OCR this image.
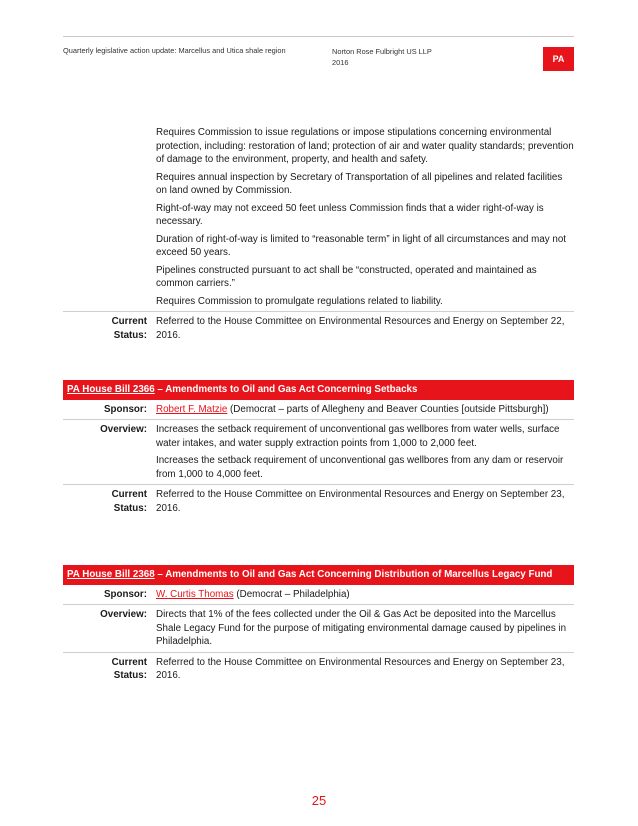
Quarterly legislative action update: Marcellus and Utica shale region	Norton Rose Fulbright US LLP
2016	PA

Requires Commission to issue regulations or impose stipulations concerning environmental protection, including: restoration of land; protection of air and water quality standards; prevention of damage to the environment, property, and health and safety.

Requires annual inspection by Secretary of Transportation of all pipelines and related facilities on land owned by Commission.

Right-of-way may not exceed 50 feet unless Commission finds that a wider right-of-way is necessary.

Duration of right-of-way is limited to “reasonable term” in light of all circumstances and may not exceed 50 years.

Pipelines constructed pursuant to act shall be “constructed, operated and maintained as common carriers.”

Requires Commission to promulgate regulations related to liability.

Current
Status:
Referred to the House Committee on Environmental Resources and Energy on September 22, 2016.
PA House Bill 2366 – Amendments to Oil and Gas Act Concerning Setbacks
Sponsor: Robert F. Matzie (Democrat – parts of Allegheny and Beaver Counties [outside Pittsburgh])
Overview: Increases the setback requirement of unconventional gas wellbores from water wells, surface water intakes, and water supply extraction points from 1,000 to 2,000 feet.

Increases the setback requirement of unconventional gas wellbores from any dam or reservoir from 1,000 to 4,000 feet.

Current
Status:
Referred to the House Committee on Environmental Resources and Energy on September 23, 2016.
PA House Bill 2368 – Amendments to Oil and Gas Act Concerning Distribution of Marcellus Legacy Fund
Sponsor: W. Curtis Thomas (Democrat – Philadelphia)
Overview: Directs that 1% of the fees collected under the Oil & Gas Act be deposited into the Marcellus Shale Legacy Fund for the purpose of mitigating environmental damage caused by pipelines in Philadelphia.

Current
Status:
Referred to the House Committee on Environmental Resources and Energy on September 23, 2016.
25
